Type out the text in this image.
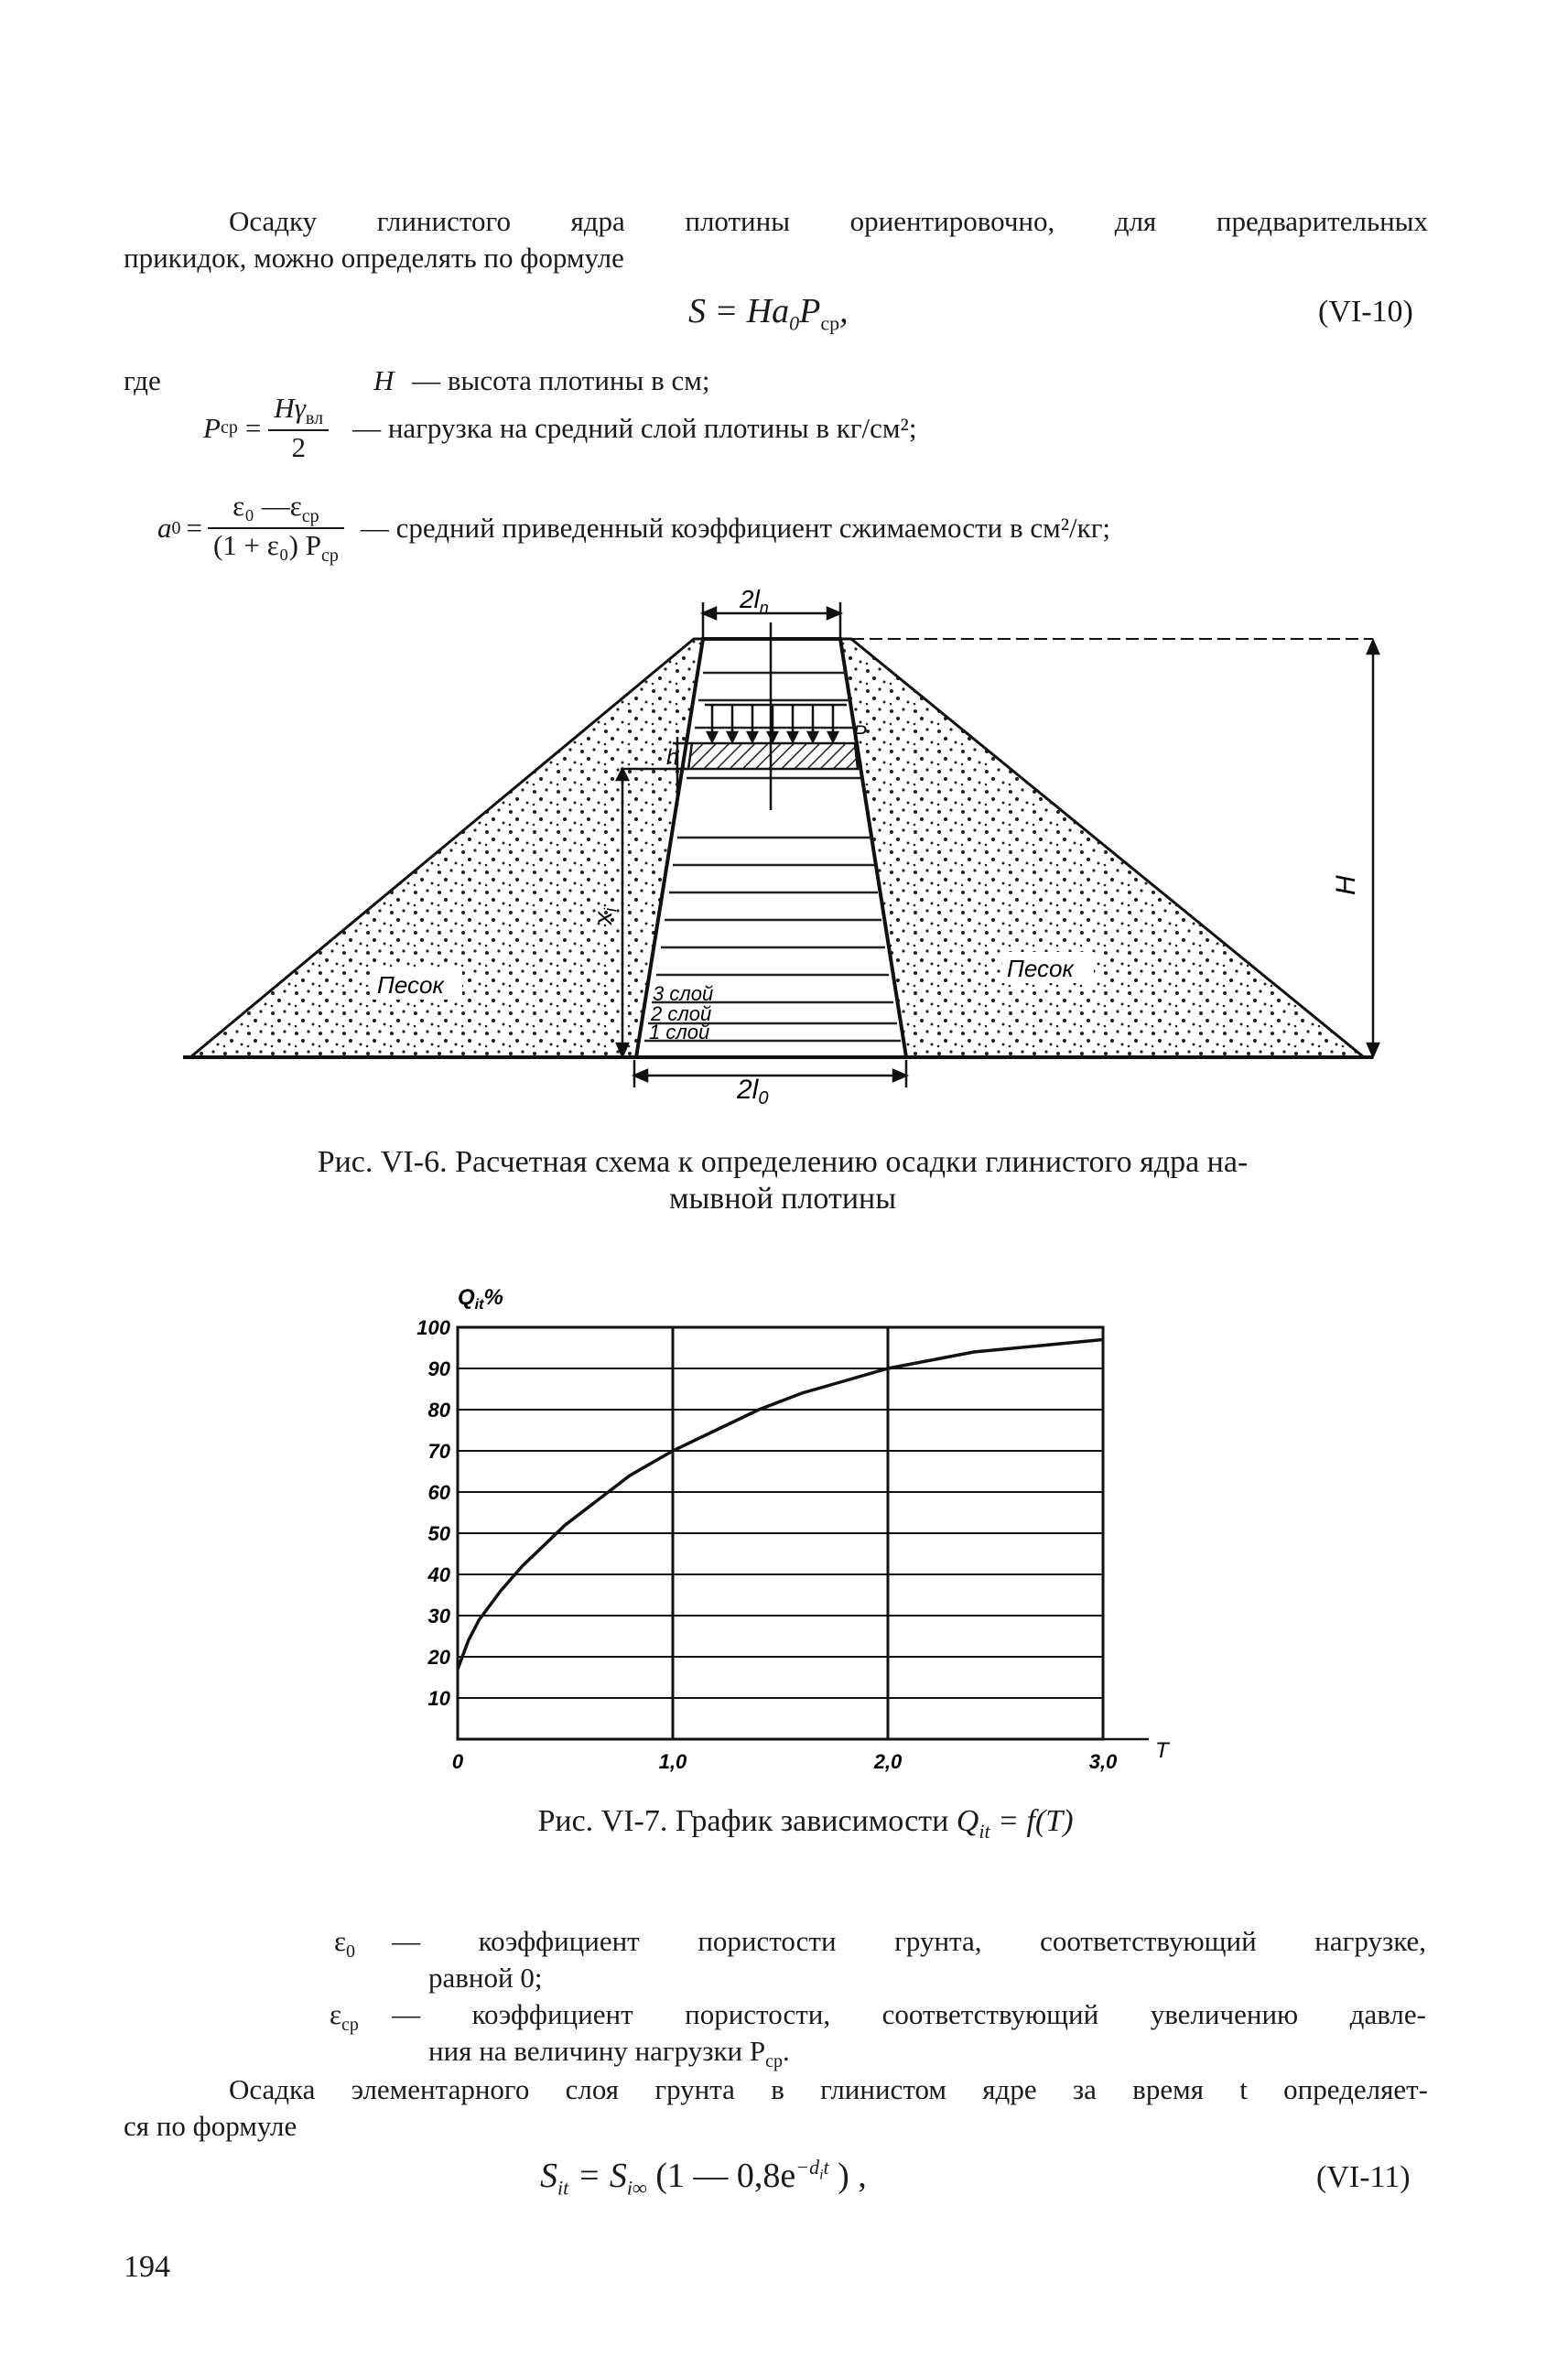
Осадку глинистого ядра плотины ориентировочно, для предварительных
прикидок, можно определять по формуле
$S = Ha_0P_{ср}$,	(VI-10)
где	H — высота плотины в см;
P ср = $\frac{H\gamma_{вл}}{2}$ — нагрузка на средний слой плотины в кг/см²;
a $0 = \frac{\varepsilon_0 —\varepsilon_{ср}}{(1 + \varepsilon_0) P_{ср}}$ — средний приведенный коэффициент сжимаемости в см²/кг;
H
$2l_n$
$2l_0$
h
xi
P
Песок
Песок
3 слой
2 слой
1 слой
Рис. VI-6. Расчетная схема к определению осадки глинистого ядра на-
мывной плотины
10
20
30
40
50
60
70
80
90
100
0	1,0	2,0	3,0
$Q_{it}\%$
T
Рис. VI-7. График зависимости $Q_{it} = f(T)$
$\varepsilon_0$ — коэффициент пористости грунта, соответствующий нагрузке,
равной 0;
$\varepsilon_{ср}$ — коэффициент пористости, соответствующий увеличению давле-
ния на величину нагрузки $P_{ср}$.
Осадка элементарного слоя грунта в глинистом ядре за время t определяет-
ся по формуле
$S_{it} = S_{i\infty}$ (1 — $0,8e^{-d_it}$ ) ,	(VI-11)
194
